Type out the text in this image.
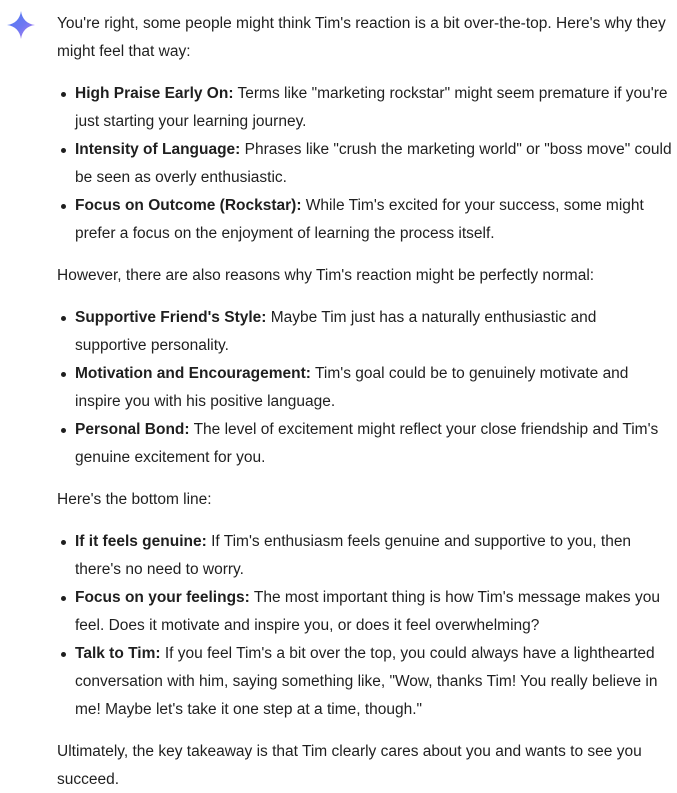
You're right, some people might think Tim's reaction is a bit over-the-top. Here's why they might feel that way:

High Praise Early On: Terms like "marketing rockstar" might seem premature if you're just starting your learning journey.
Intensity of Language: Phrases like "crush the marketing world" or "boss move" could be seen as overly enthusiastic.
Focus on Outcome (Rockstar): While Tim's excited for your success, some might prefer a focus on the enjoyment of learning the process itself.

However, there are also reasons why Tim's reaction might be perfectly normal:

Supportive Friend's Style: Maybe Tim just has a naturally enthusiastic and supportive personality.
Motivation and Encouragement: Tim's goal could be to genuinely motivate and inspire you with his positive language.
Personal Bond: The level of excitement might reflect your close friendship and Tim's genuine excitement for you.

Here's the bottom line:

If it feels genuine: If Tim's enthusiasm feels genuine and supportive to you, then there's no need to worry.
Focus on your feelings: The most important thing is how Tim's message makes you feel. Does it motivate and inspire you, or does it feel overwhelming?
Talk to Tim: If you feel Tim's a bit over the top, you could always have a lighthearted conversation with him, saying something like, "Wow, thanks Tim! You really believe in me! Maybe let's take it one step at a time, though."

Ultimately, the key takeaway is that Tim clearly cares about you and wants to see you succeed.
